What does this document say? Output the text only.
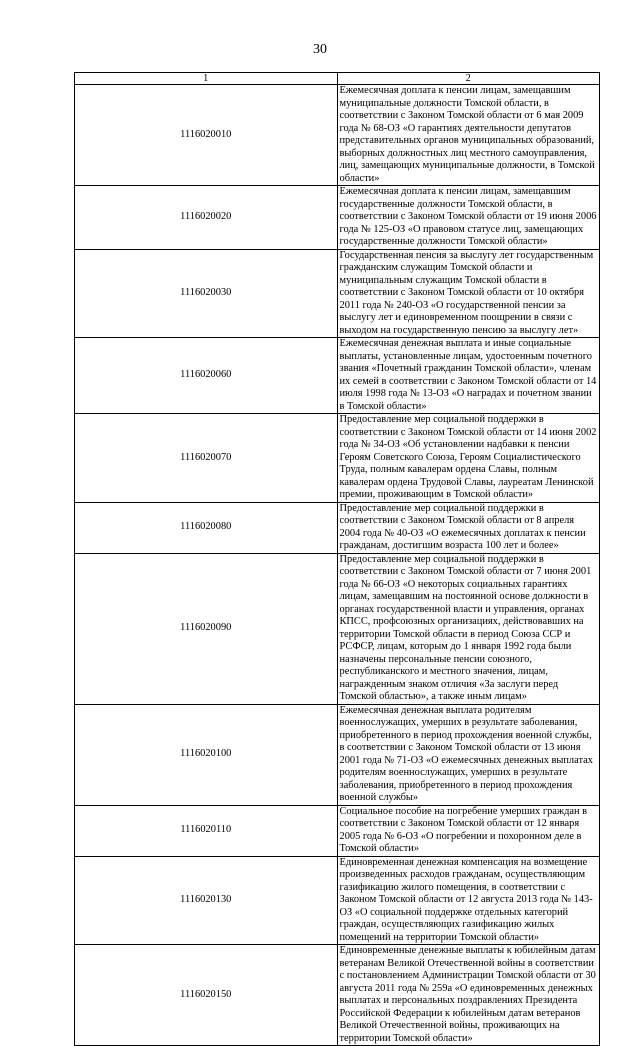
30
1	2
1116020010	Ежемесячная доплата к пенсии лицам, замещавшим муниципальные должности Томской области, в соответствии с Законом Томской области от 6 мая 2009 года № 68-ОЗ «О гарантиях деятельности депутатов представительных органов муниципальных образований, выборных должностных лиц местного самоуправления, лиц, замещающих муниципальные должности, в Томской области»
1116020020	Ежемесячная доплата к пенсии лицам, замещавшим государственные должности Томской области, в соответствии с Законом Томской области от 19 июня 2006 года № 125-ОЗ «О правовом статусе лиц, замещающих государственные должности Томской области»
1116020030	Государственная пенсия за выслугу лет государственным гражданским служащим Томской области и муниципальным служащим Томской области в соответствии с Законом Томской области от 10 октября 2011 года № 240-ОЗ «О государственной пенсии за выслугу лет и единовременном поощрении в связи с выходом на государственную пенсию за выслугу лет»
1116020060	Ежемесячная денежная выплата и иные социальные выплаты, установленные лицам, удостоенным почетного звания «Почетный гражданин Томской области», членам их семей в соответствии с Законом Томской области от 14 июля 1998 года № 13-ОЗ «О наградах и почетном звании в Томской области»
1116020070	Предоставление мер социальной поддержки в соответствии с Законом Томской области от 14 июня 2002 года № 34-ОЗ «Об установлении надбавки к пенсии Героям Советского Союза, Героям Социалистического Труда, полным кавалерам ордена Славы, полным кавалерам ордена Трудовой Славы, лауреатам Ленинской премии, проживающим в Томской области»
1116020080	Предоставление мер социальной поддержки в соответствии с Законом Томской области от 8 апреля 2004 года № 40-ОЗ «О ежемесячных доплатах к пенсии гражданам, достигшим возраста 100 лет и более»
1116020090	Предоставление мер социальной поддержки в соответствии с Законом Томской области от 7 июня 2001 года № 66-ОЗ «О некоторых социальных гарантиях лицам, замещавшим на постоянной основе должности в органах государственной власти и управления, органах КПСС, профсоюзных организациях, действовавших на территории Томской области в период Союза ССР и РСФСР, лицам, которым до 1 января 1992 года были назначены персональные пенсии союзного, республиканского и местного значения, лицам, награжденным знаком отличия «За заслуги перед Томской областью», а также иным лицам»
1116020100	Ежемесячная денежная выплата родителям военнослужащих, умерших в результате заболевания, приобретенного в период прохождения военной службы, в соответствии с Законом Томской области от 13 июня 2001 года № 71-ОЗ «О ежемесячных денежных выплатах родителям военнослужащих, умерших в результате заболевания, приобретенного в период прохождения военной службы»
1116020110	Социальное пособие на погребение умерших граждан в соответствии с Законом Томской области от 12 января 2005 года № 6-ОЗ «О погребении и похоронном деле в Томской области»
1116020130	Единовременная денежная компенсация на возмещение произведенных расходов гражданам, осуществляющим газификацию жилого помещения, в соответствии с Законом Томской области от 12 августа 2013 года № 143-ОЗ «О социальной поддержке отдельных категорий граждан, осуществляющих газификацию жилых помещений на территории Томской области»
1116020150	Единовременные денежные выплаты к юбилейным датам ветеранам Великой Отечественной войны в соответствии с постановлением Администрации Томской области от 30 августа 2011 года № 259а «О единовременных денежных выплатах и персональных поздравлениях Президента Российской Федерации к юбилейным датам ветеранов Великой Отечественной войны, проживающих на территории Томской области»
